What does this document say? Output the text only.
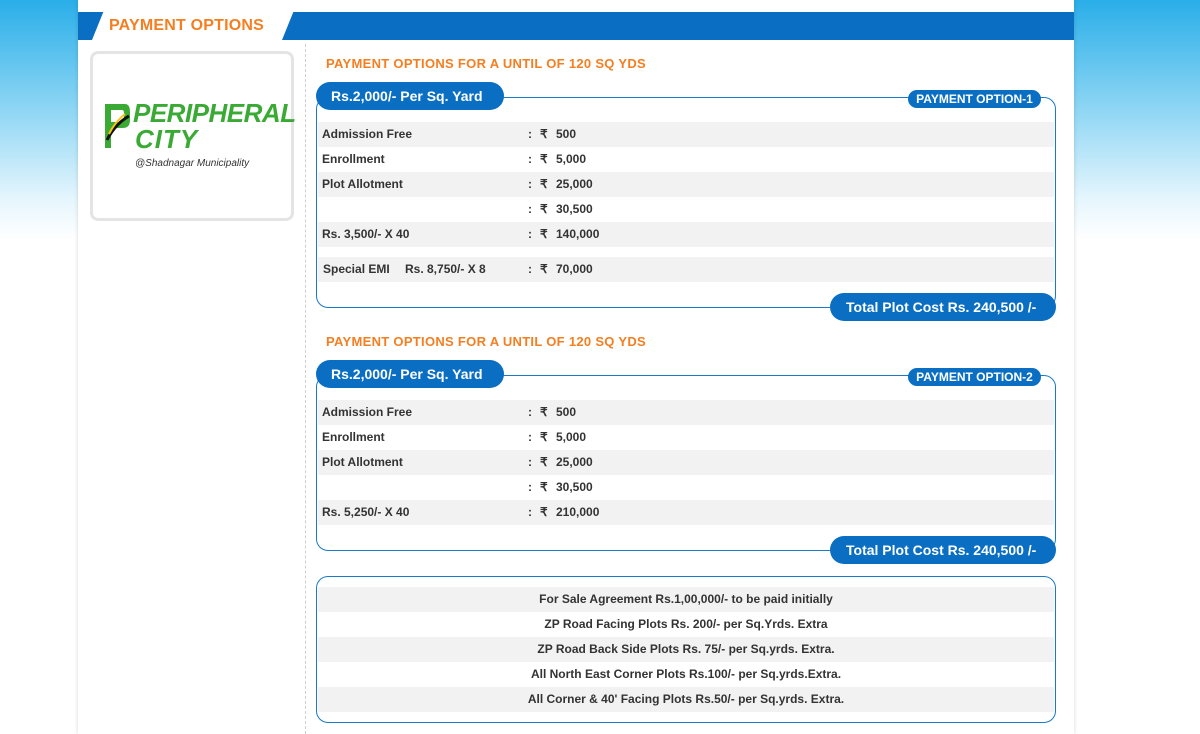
PAYMENT OPTIONS
PERIPHERAL
CITY
@Shadnagar Municipality
PAYMENT OPTIONS FOR A UNTIL OF 120 SQ YDS
Rs.2,000/- Per Sq. Yard	PAYMENT OPTION-1
Admission Free	: ₹ 500
Enrollment	: ₹ 5,000
Plot Allotment	: ₹ 25,000
: ₹ 30,500
Rs. 3,500/- X 40	: ₹ 140,000
Special EMI Rs. 8,750/- X 8	: ₹ 70,000
Total Plot Cost Rs. 240,500 /-
PAYMENT OPTIONS FOR A UNTIL OF 120 SQ YDS
Rs.2,000/- Per Sq. Yard	PAYMENT OPTION-2
Admission Free	: ₹ 500
Enrollment	: ₹ 5,000
Plot Allotment	: ₹ 25,000
: ₹ 30,500
Rs. 5,250/- X 40	: ₹ 210,000
Total Plot Cost Rs. 240,500 /-
For Sale Agreement Rs.1,00,000/- to be paid initially
ZP Road Facing Plots Rs. 200/- per Sq.Yrds. Extra
ZP Road Back Side Plots Rs. 75/- per Sq.yrds. Extra.
All North East Corner Plots Rs.100/- per Sq.yrds.Extra.
All Corner & 40' Facing Plots Rs.50/- per Sq.yrds. Extra.
